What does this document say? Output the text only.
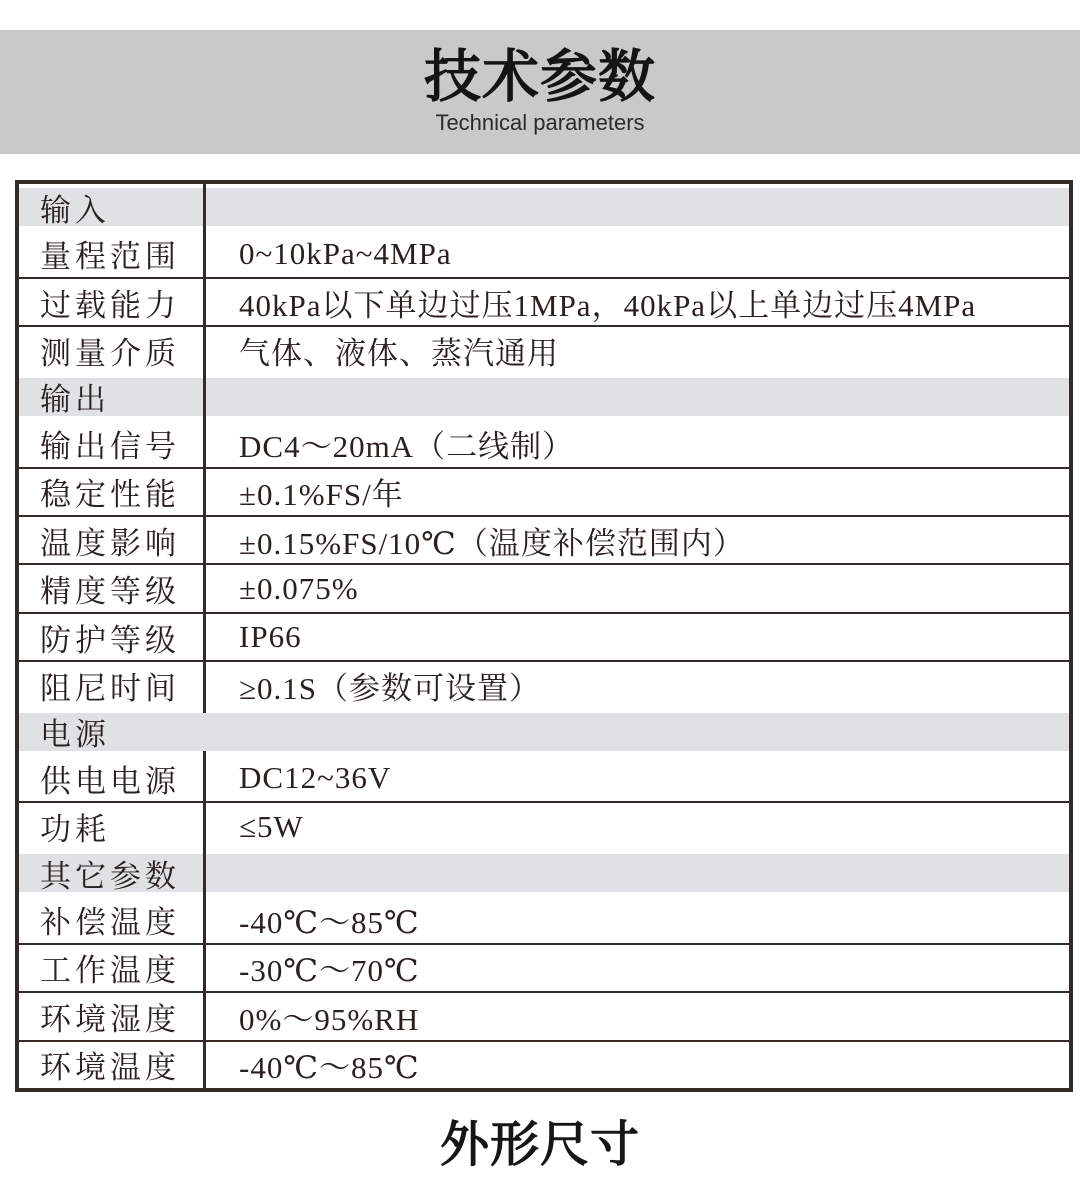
技术参数
Technical parameters
输入
量程范围	0~10kPa~4MPa
过载能力	40kPa以下单边过压1MPa，40kPa以上单边过压4MPa
测量介质	气体、液体、蒸汽通用
输出
输出信号	DC4～20mA（二线制）
稳定性能	±0.1%FS/年
温度影响	±0.15%FS/10℃（温度补偿范围内）
精度等级	±0.075%
防护等级	IP66
阻尼时间	≥0.1S（参数可设置）
电源
供电电源	DC12~36V
功耗	≤5W
其它参数
补偿温度	-40℃～85℃
工作温度	-30℃～70℃
环境湿度	0%～95%RH
环境温度	-40℃～85℃
外形尺寸
